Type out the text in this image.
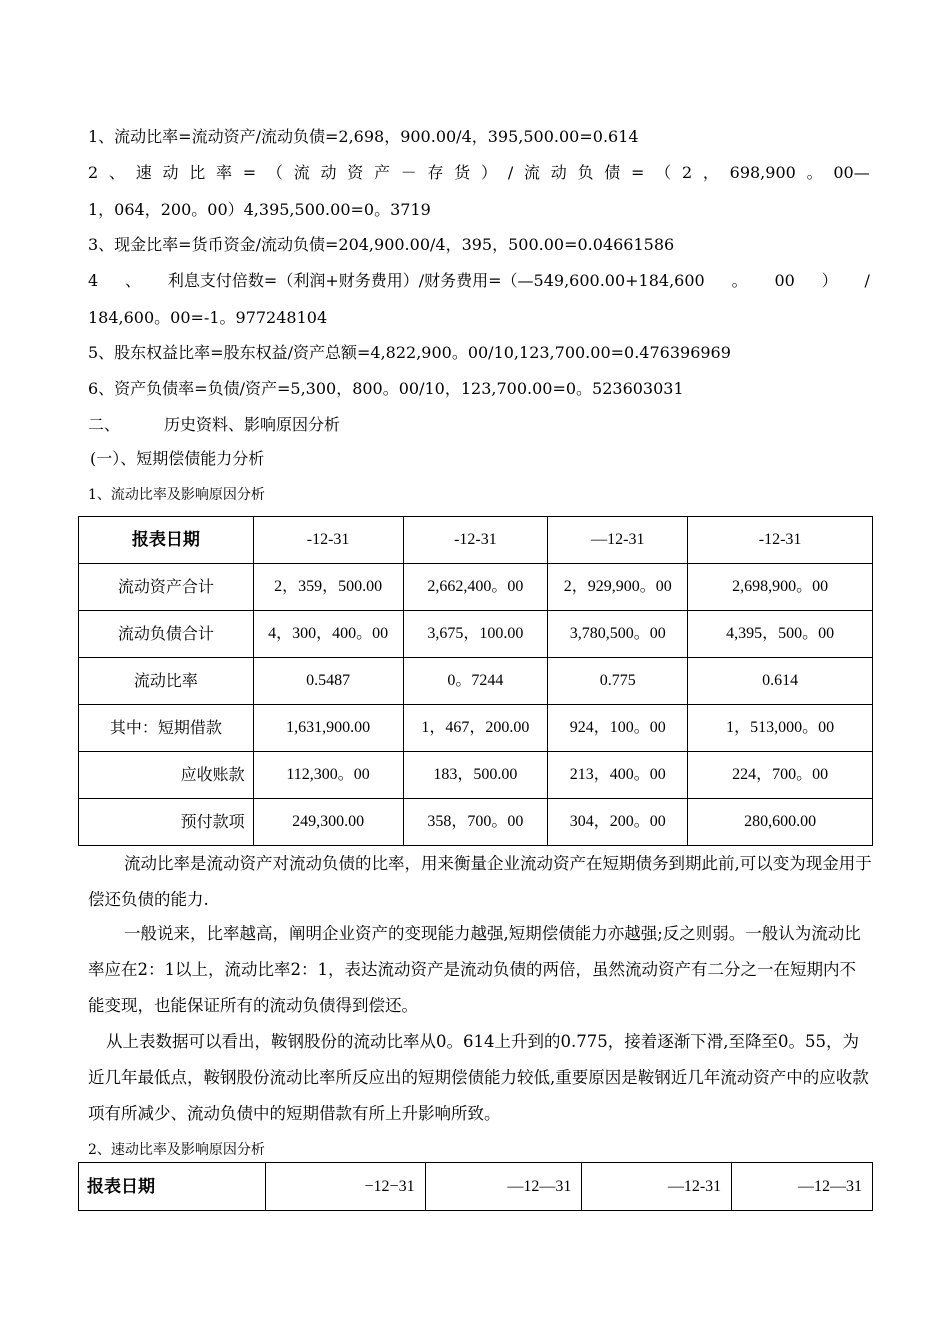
1、流动比率=流动资产/流动负债=2,698，900.00/4，395,500.00=0.614
2 、 速 动 比 率 = （ 流 动 资 产 － 存 货 ） / 流 动 负 债 = （ 2 ， 698,900 。 00—
1，064，200。00）4,395,500.00=0。3719
3、现金比率=货币资金/流动负债=204,900.00/4，395，500.00=0.04661586
4 、 利息支付倍数=（利润+财务费用）/财务费用=（—549,600.00+184,600 。 00 ） /
184,600。00=-1。977248104
5、股东权益比率=股东权益/资产总额=4,822,900。00/10,123,700.00=0.476396969
6、资产负债率=负债/资产=5,300，800。00/10，123,700.00=0。523603031
二、	历史资料、影响原因分析
(一）、短期偿债能力分析
1、流动比率及影响原因分析
报表日期	-12-31	-12-31	—12-31	-12-31
流动资产合计	2，359，500.00	2,662,400。00	2，929,900。00	2,698,900。00
流动负债合计	4，300，400。00	3,675，100.00	3,780,500。00	4,395，500。00
流动比率	0.5487	0。7244	0.775	0.614
其中：短期借款	1,631,900.00	1，467，200.00	924，100。00	1，513,000。00
应收账款	112,300。00	183，500.00	213，400。00	224，700。00
预付款项	249,300.00	358，700。00	304，200。00	280,600.00
流动比率是流动资产对流动负债的比率，用来衡量企业流动资产在短期债务到期此前,可以变为现金用于偿还负债的能力.
一般说来，比率越高，阐明企业资产的变现能力越强,短期偿债能力亦越强;反之则弱。一般认为流动比率应在2：1以上，流动比率2：1，表达流动资产是流动负债的两倍，虽然流动资产有二分之一在短期内不能变现，也能保证所有的流动负债得到偿还。
从上表数据可以看出，鞍钢股份的流动比率从0。614上升到的0.775，接着逐渐下滑,至降至0。55，为近几年最低点，鞍钢股份流动比率所反应出的短期偿债能力较低,重要原因是鞍钢近几年流动资产中的应收款项有所减少、流动负债中的短期借款有所上升影响所致。
2、速动比率及影响原因分析
报表日期	−12−31	—12—31	—12-31	—12—31
